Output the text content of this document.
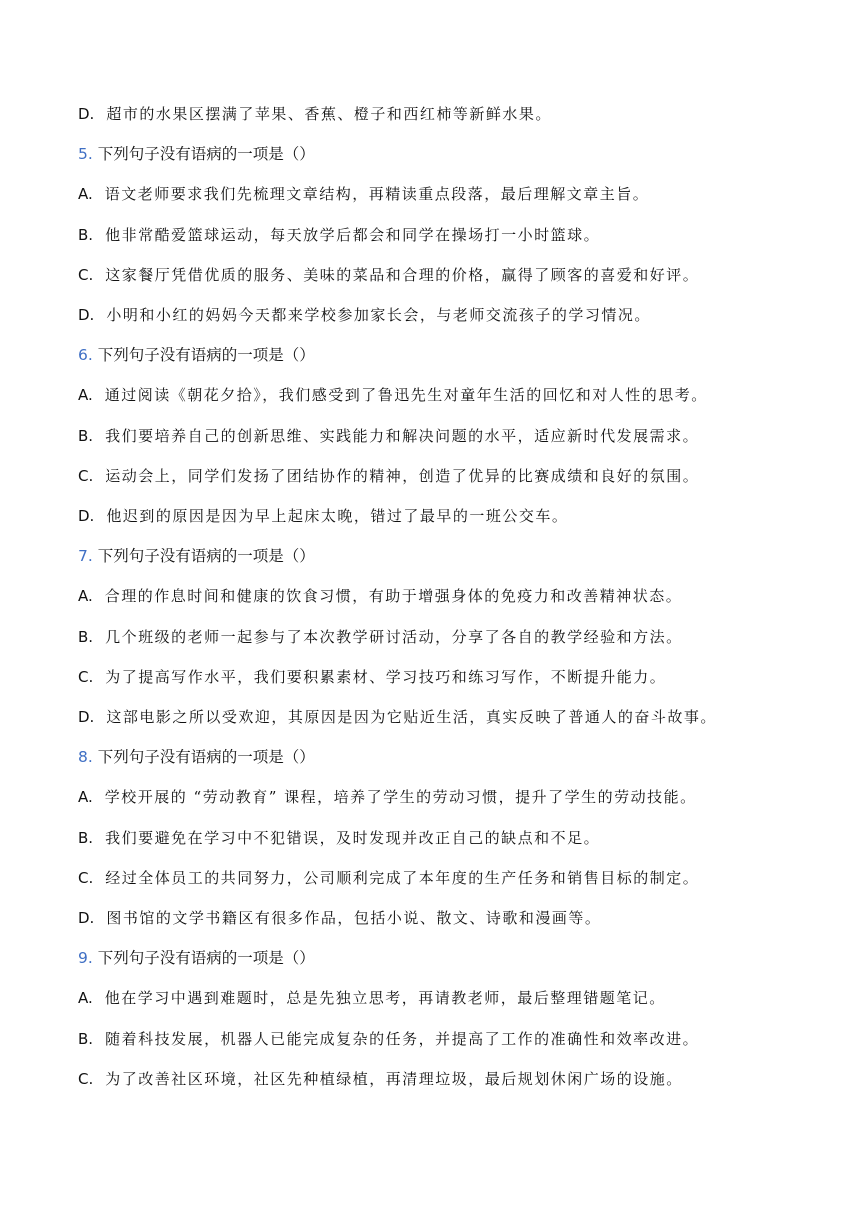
D. 超市的水果区摆满了苹果、香蕉、橙子和西红柿等新鲜水果。
5. 下列句子没有语病的一项是（）
A. 语文老师要求我们先梳理文章结构，再精读重点段落，最后理解文章主旨。
B. 他非常酷爱篮球运动，每天放学后都会和同学在操场打一小时篮球。
C. 这家餐厅凭借优质的服务、美味的菜品和合理的价格，赢得了顾客的喜爱和好评。
D. 小明和小红的妈妈今天都来学校参加家长会，与老师交流孩子的学习情况。
6. 下列句子没有语病的一项是（）
A. 通过阅读《朝花夕拾》，我们感受到了鲁迅先生对童年生活的回忆和对人性的思考。
B. 我们要培养自己的创新思维、实践能力和解决问题的水平，适应新时代发展需求。
C. 运动会上，同学们发扬了团结协作的精神，创造了优异的比赛成绩和良好的氛围。
D. 他迟到的原因是因为早上起床太晚，错过了最早的一班公交车。
7. 下列句子没有语病的一项是（）
A. 合理的作息时间和健康的饮食习惯，有助于增强身体的免疫力和改善精神状态。
B. 几个班级的老师一起参与了本次教学研讨活动，分享了各自的教学经验和方法。
C. 为了提高写作水平，我们要积累素材、学习技巧和练习写作，不断提升能力。
D. 这部电影之所以受欢迎，其原因是因为它贴近生活，真实反映了普通人的奋斗故事。
8. 下列句子没有语病的一项是（）
A. 学校开展的 “劳动教育” 课程，培养了学生的劳动习惯，提升了学生的劳动技能。
B. 我们要避免在学习中不犯错误，及时发现并改正自己的缺点和不足。
C. 经过全体员工的共同努力，公司顺利完成了本年度的生产任务和销售目标的制定。
D. 图书馆的文学书籍区有很多作品，包括小说、散文、诗歌和漫画等。
9. 下列句子没有语病的一项是（）
A. 他在学习中遇到难题时，总是先独立思考，再请教老师，最后整理错题笔记。
B. 随着科技发展，机器人已能完成复杂的任务，并提高了工作的准确性和效率改进。
C. 为了改善社区环境，社区先种植绿植，再清理垃圾，最后规划休闲广场的设施。
